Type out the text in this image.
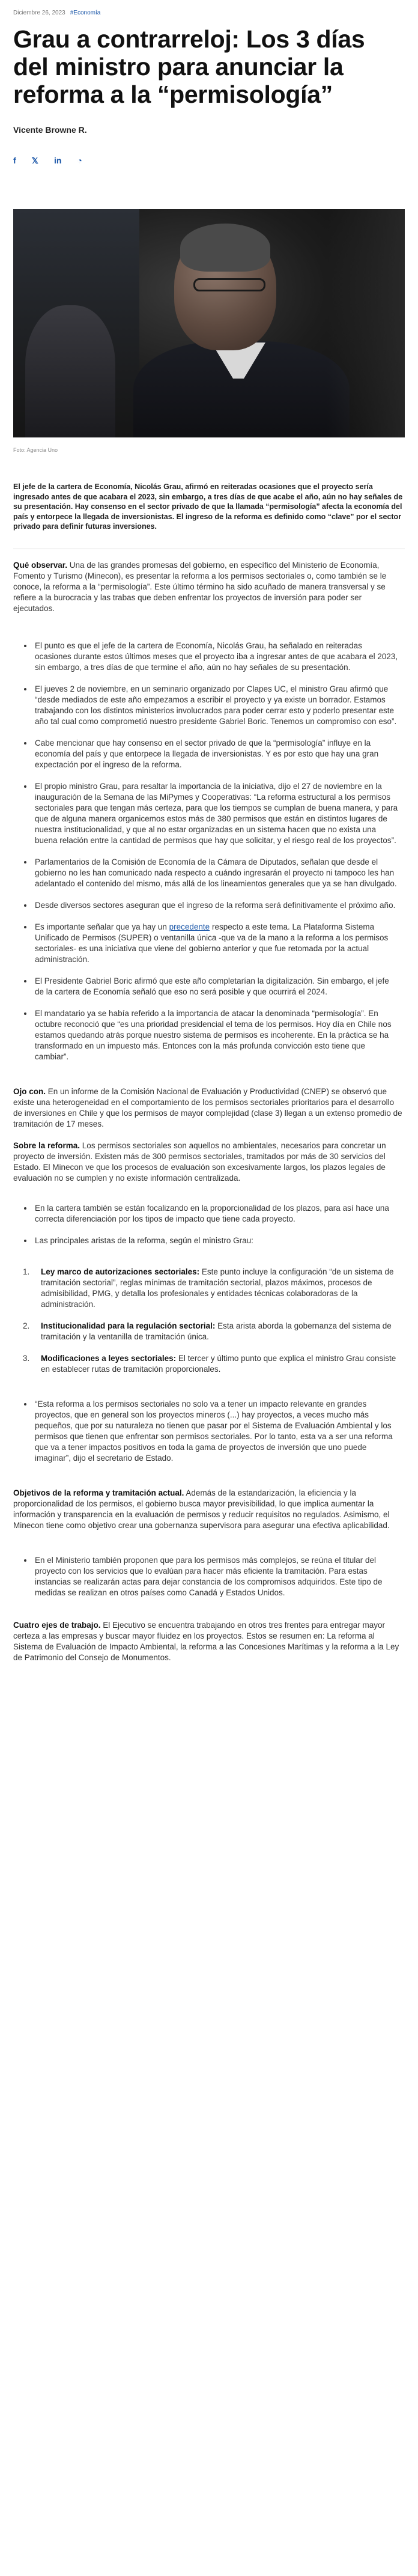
Diciembre 26, 2023 #Economía
Grau a contrarreloj: Los 3 días del ministro para anunciar la reforma a la “permisología”
Vicente Browne R.
f 𝕏 in ◔
Foto: Agencia Uno
El jefe de la cartera de Economía, Nicolás Grau, afirmó en reiteradas ocasiones que el proyecto sería ingresado antes de que acabara el 2023, sin embargo, a tres días de que acabe el año, aún no hay señales de su presentación. Hay consenso en el sector privado de que la llamada “permisología” afecta la economía del país y entorpece la llegada de inversionistas. El ingreso de la reforma es definido como “clave” por el sector privado para definir futuras inversiones.

Qué observar. Una de las grandes promesas del gobierno, en específico del Ministerio de Economía, Fomento y Turismo (Minecon), es presentar la reforma a los permisos sectoriales o, como también se le conoce, la reforma a la “permisología”. Este último término ha sido acuñado de manera transversal y se refiere a la burocracia y las trabas que deben enfrentar los proyectos de inversión para poder ser ejecutados.

El punto es que el jefe de la cartera de Economía, Nicolás Grau, ha señalado en reiteradas ocasiones durante estos últimos meses que el proyecto iba a ingresar antes de que acabara el 2023, sin embargo, a tres días de que termine el año, aún no hay señales de su presentación.
El jueves 2 de noviembre, en un seminario organizado por Clapes UC, el ministro Grau afirmó que “desde mediados de este año empezamos a escribir el proyecto y ya existe un borrador. Estamos trabajando con los distintos ministerios involucrados para poder cerrar esto y poderlo presentar este año tal cual como comprometió nuestro presidente Gabriel Boric. Tenemos un compromiso con eso”.
Cabe mencionar que hay consenso en el sector privado de que la “permisología” influye en la economía del país y que entorpece la llegada de inversionistas. Y es por esto que hay una gran expectación por el ingreso de la reforma.
El propio ministro Grau, para resaltar la importancia de la iniciativa, dijo el 27 de noviembre en la inauguración de la Semana de las MiPymes y Cooperativas: “La reforma estructural a los permisos sectoriales para que tengan más certeza, para que los tiempos se cumplan de buena manera, y para que de alguna manera organicemos estos más de 380 permisos que están en distintos lugares de nuestra institucionalidad, y que al no estar organizadas en un sistema hacen que no exista una buena relación entre la cantidad de permisos que hay que solicitar, y el riesgo real de los proyectos”.
Parlamentarios de la Comisión de Economía de la Cámara de Diputados, señalan que desde el gobierno no les han comunicado nada respecto a cuándo ingresarán el proyecto ni tampoco les han adelantado el contenido del mismo, más allá de los lineamientos generales que ya se han divulgado.
Desde diversos sectores aseguran que el ingreso de la reforma será definitivamente el próximo año.
Es importante señalar que ya hay un precedente respecto a este tema. La Plataforma Sistema Unificado de Permisos (SUPER) o ventanilla única -que va de la mano a la reforma a los permisos sectoriales- es una iniciativa que viene del gobierno anterior y que fue retomada por la actual administración.
El Presidente Gabriel Boric afirmó que este año completarían la digitalización. Sin embargo, el jefe de la cartera de Economía señaló que eso no será posible y que ocurrirá el 2024.
El mandatario ya se había referido a la importancia de atacar la denominada “permisología”. En octubre reconoció que “es una prioridad presidencial el tema de los permisos. Hoy día en Chile nos estamos quedando atrás porque nuestro sistema de permisos es incoherente. En la práctica se ha transformado en un impuesto más. Entonces con la más profunda convicción esto tiene que cambiar”.

Ojo con. En un informe de la Comisión Nacional de Evaluación y Productividad (CNEP) se observó que existe una heterogeneidad en el comportamiento de los permisos sectoriales prioritarios para el desarrollo de inversiones en Chile y que los permisos de mayor complejidad (clase 3) llegan a un extenso promedio de tramitación de 17 meses.

Sobre la reforma. Los permisos sectoriales son aquellos no ambientales, necesarios para concretar un proyecto de inversión. Existen más de 300 permisos sectoriales, tramitados por más de 30 servicios del Estado. El Minecon ve que los procesos de evaluación son excesivamente largos, los plazos legales de evaluación no se cumplen y no existe información centralizada.

En la cartera también se están focalizando en la proporcionalidad de los plazos, para así hace una correcta diferenciación por los tipos de impacto que tiene cada proyecto.
Las principales aristas de la reforma, según el ministro Grau:
1. Ley marco de autorizaciones sectoriales: Este punto incluye la configuración “de un sistema de tramitación sectorial”, reglas mínimas de tramitación sectorial, plazos máximos, procesos de admisibilidad, PMG, y detalla los profesionales y entidades técnicas colaboradoras de la administración.
2. Institucionalidad para la regulación sectorial: Esta arista aborda la gobernanza del sistema de tramitación y la ventanilla de tramitación única.
3. Modificaciones a leyes sectoriales: El tercer y último punto que explica el ministro Grau consiste en establecer rutas de tramitación proporcionales.
“Esta reforma a los permisos sectoriales no solo va a tener un impacto relevante en grandes proyectos, que en general son los proyectos mineros (...) hay proyectos, a veces mucho más pequeños, que por su naturaleza no tienen que pasar por el Sistema de Evaluación Ambiental y los permisos que tienen que enfrentar son permisos sectoriales. Por lo tanto, esta va a ser una reforma que va a tener impactos positivos en toda la gama de proyectos de inversión que uno puede imaginar”, dijo el secretario de Estado.

Objetivos de la reforma y tramitación actual. Además de la estandarización, la eficiencia y la proporcionalidad de los permisos, el gobierno busca mayor previsibilidad, lo que implica aumentar la información y transparencia en la evaluación de permisos y reducir requisitos no regulados. Asimismo, el Minecon tiene como objetivo crear una gobernanza supervisora para asegurar una efectiva aplicabilidad.

En el Ministerio también proponen que para los permisos más complejos, se reúna el titular del proyecto con los servicios que lo evalúan para hacer más eficiente la tramitación. Para estas instancias se realizarán actas para dejar constancia de los compromisos adquiridos. Este tipo de medidas se realizan en otros países como Canadá y Estados Unidos.

Cuatro ejes de trabajo. El Ejecutivo se encuentra trabajando en otros tres frentes para entregar mayor certeza a las empresas y buscar mayor fluidez en los proyectos. Estos se resumen en: La reforma al Sistema de Evaluación de Impacto Ambiental, la reforma a las Concesiones Marítimas y la reforma a la Ley de Patrimonio del Consejo de Monumentos.
